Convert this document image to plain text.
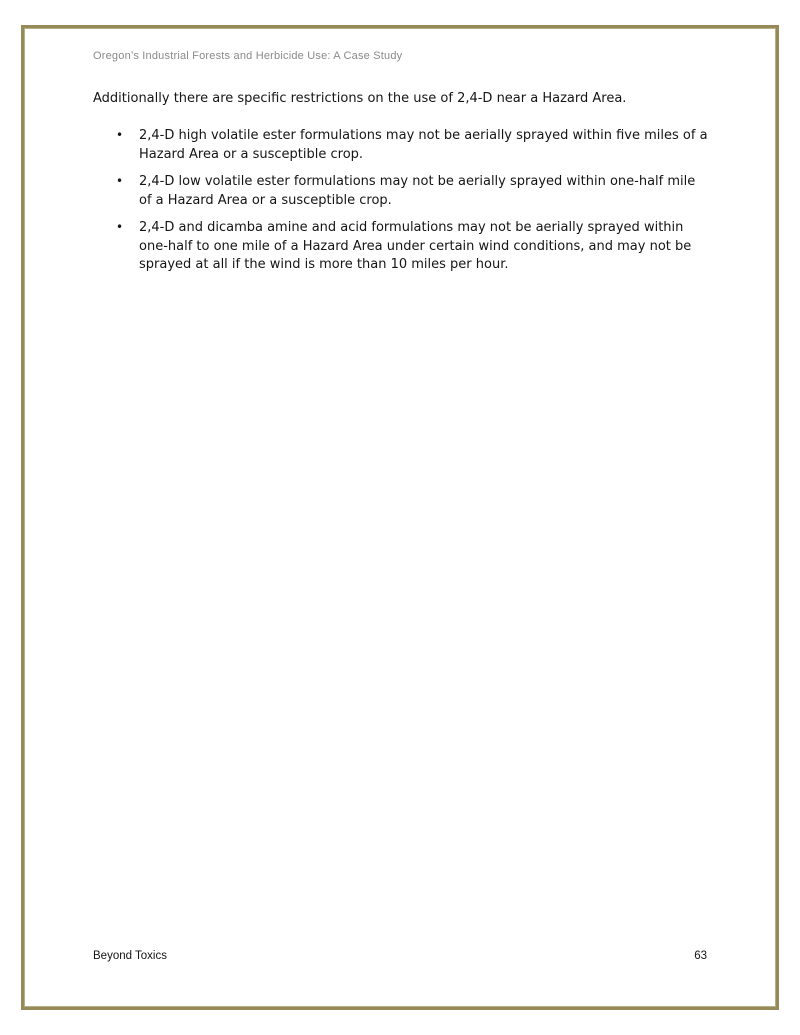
Oregon’s Industrial Forests and Herbicide Use: A Case Study

Additionally there are specific restrictions on the use of 2,4-D near a Hazard Area.

• 2,4-D high volatile ester formulations may not be aerially sprayed within five miles of a Hazard Area or a susceptible crop.
• 2,4-D low volatile ester formulations may not be aerially sprayed within one-half mile of a Hazard Area or a susceptible crop.
• 2,4-D and dicamba amine and acid formulations may not be aerially sprayed within one-half to one mile of a Hazard Area under certain wind conditions, and may not be sprayed at all if the wind is more than 10 miles per hour.
Beyond Toxics	63
